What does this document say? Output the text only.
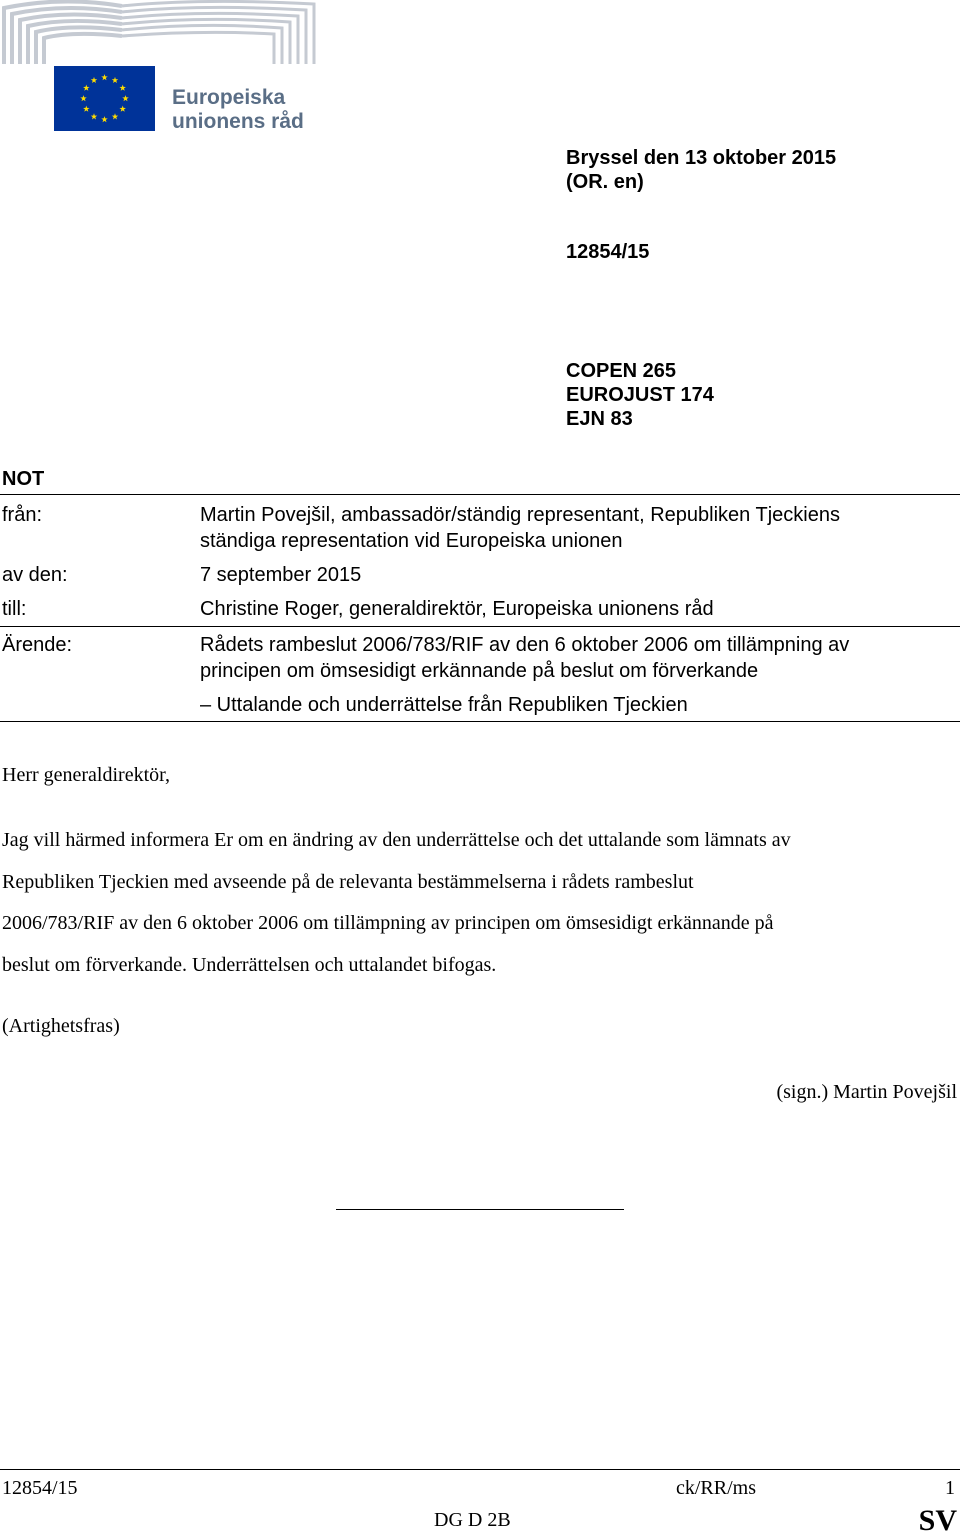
Europeiska
unionens råd
Bryssel den 13 oktober 2015
(OR. en)
12854/15
COPEN 265
EUROJUST 174
EJN 83
NOT
från:	Martin Povejšil, ambassadör/ständig representant, Republiken Tjeckiens
ständiga representation vid Europeiska unionen
av den:	7 september 2015
till:	Christine Roger, generaldirektör, Europeiska unionens råd
Ärende:	Rådets rambeslut 2006/783/RIF av den 6 oktober 2006 om tillämpning av
principen om ömsesidigt erkännande på beslut om förverkande
– Uttalande och underrättelse från Republiken Tjeckien
Herr generaldirektör,
Jag vill härmed informera Er om en ändring av den underrättelse och det uttalande som lämnats av
Republiken Tjeckien med avseende på de relevanta bestämmelserna i rådets rambeslut
2006/783/RIF av den 6 oktober 2006 om tillämpning av principen om ömsesidigt erkännande på
beslut om förverkande. Underrättelsen och uttalandet bifogas.
(Artighetsfras)
(sign.) Martin Povejšil
12854/15	ck/RR/ms	1
DG D 2B	SV
